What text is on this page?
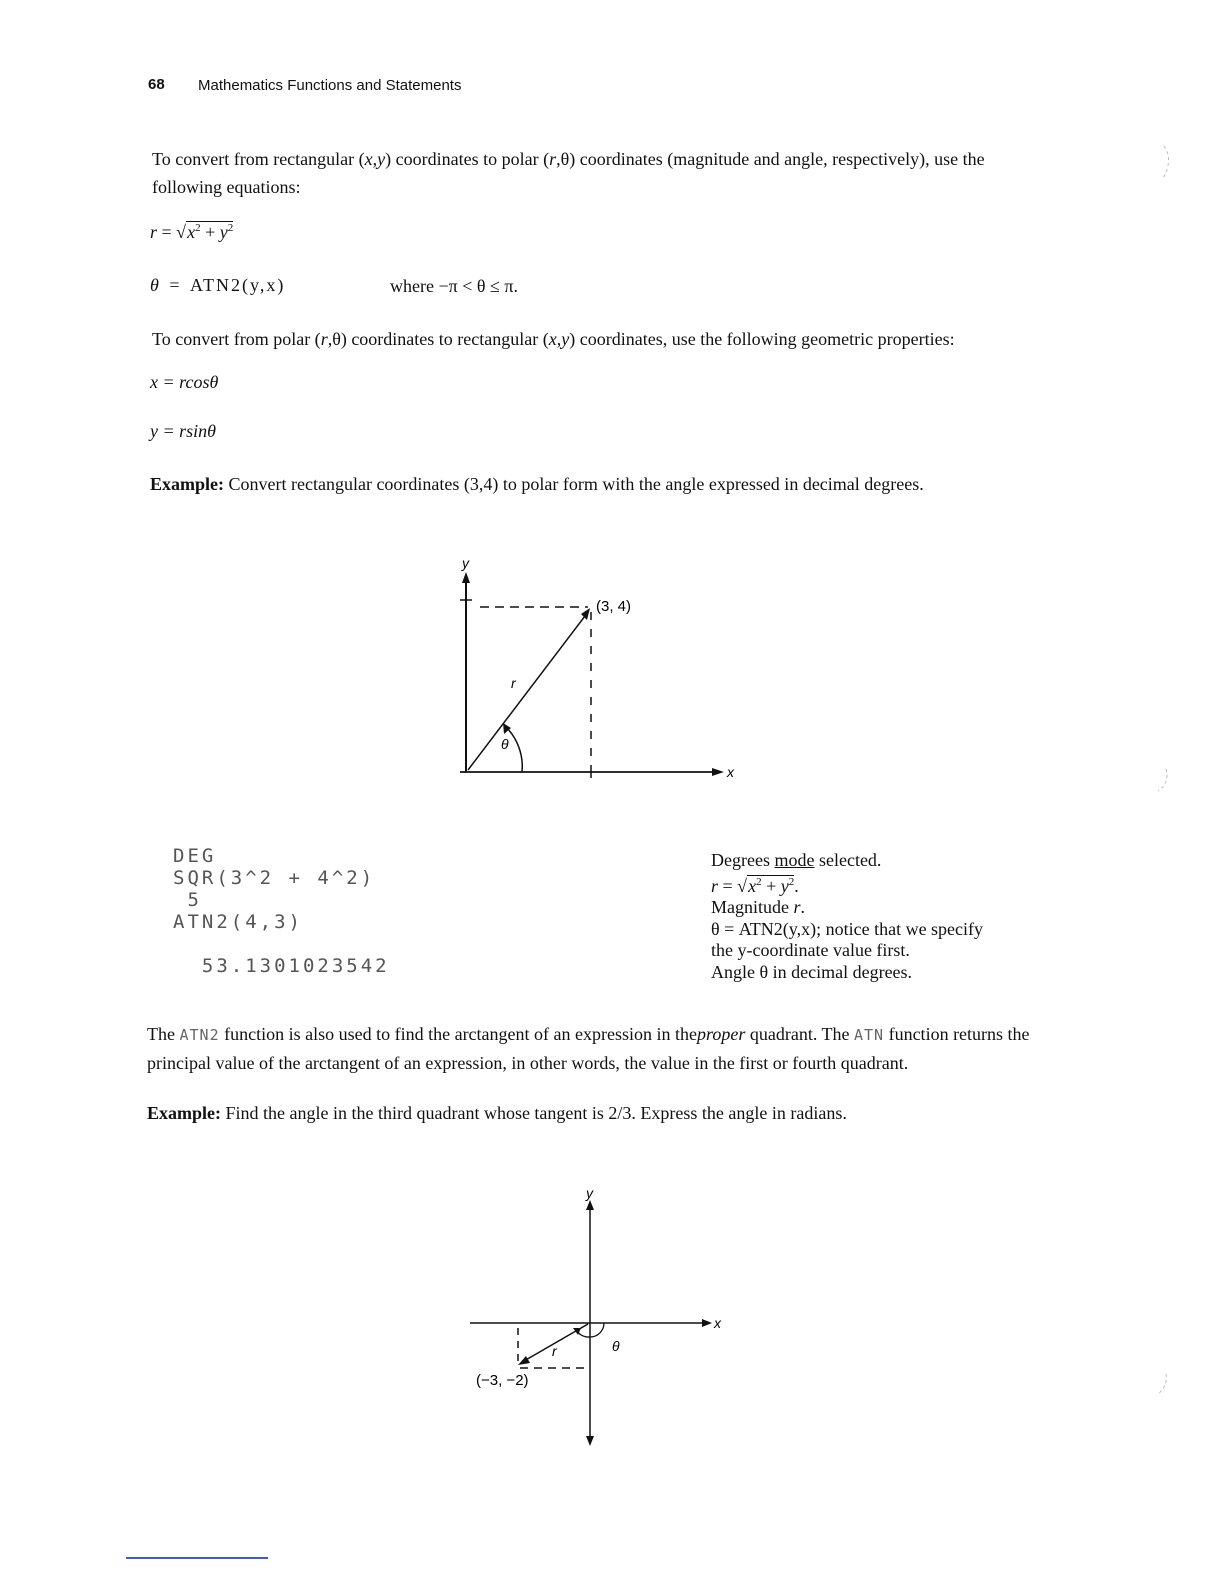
68 Mathematics Functions and Statements
To convert from rectangular (x,y) coordinates to polar (r,θ) coordinates (magnitude and angle, respectively), use the following equations:
$r = √x^2 + y^2$
θ = ATN2(y,x)	where −π < θ ≤ π.
To convert from polar (r,θ) coordinates to rectangular (x,y) coordinates, use the following geometric properties:
x = rcosθ
y = rsinθ
Example: Convert rectangular coordinates (3,4) to polar form with the angle expressed in decimal degrees.
y
x
(3, 4)
r
θ
DEG
SQR(3^2 + 4^2)
5
ATN2(4,3)

53.1301023542
Degrees mode selected.
$r = √x^2 + y^2$.
Magnitude r.
θ = ATN2(y,x); notice that we specify
the y-coordinate value first.
Angle θ in decimal degrees.
The ATN2 function is also used to find the arctangent of an expression in theproper quadrant. The ATN function returns the principal value of the arctangent of an expression, in other words, the value in the first or fourth quadrant.
Example: Find the angle in the third quadrant whose tangent is 2/3. Express the angle in radians.
y
x
(−3, −2)
r	θ
